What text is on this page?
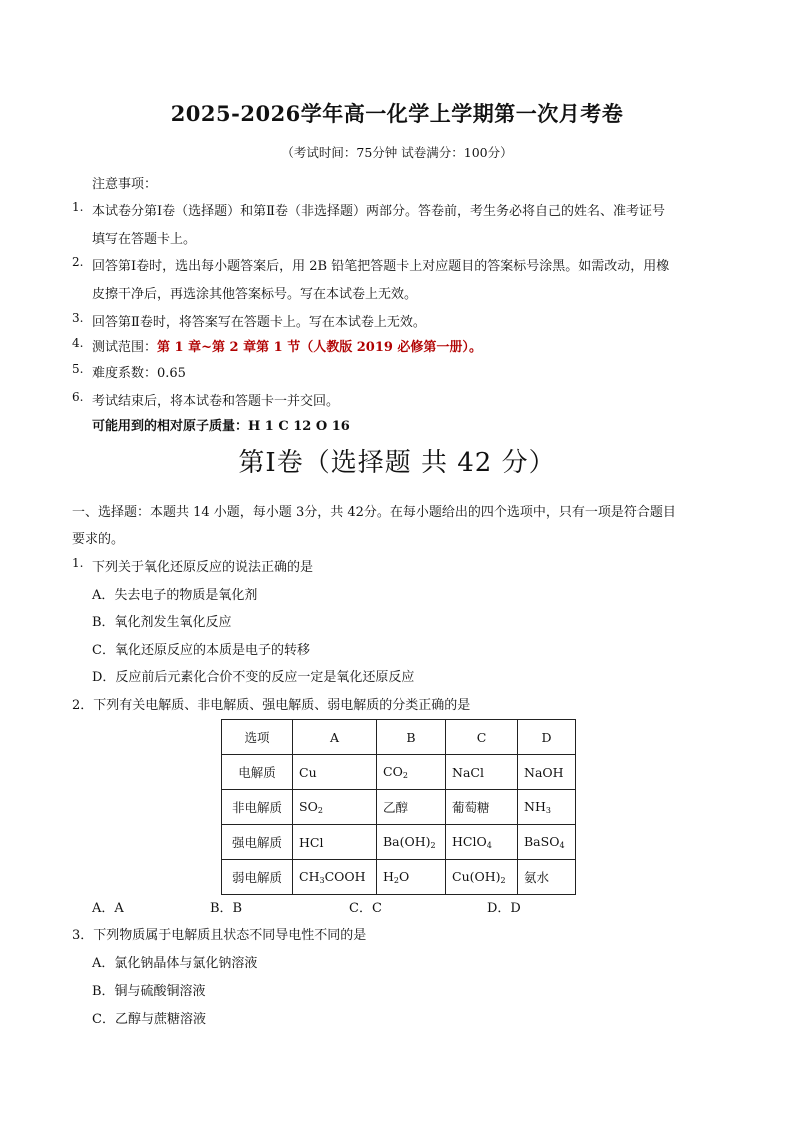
2025-2026学年高一化学上学期第一次月考卷
（考试时间：75分钟 试卷满分：100分）
注意事项：
1. 本试卷分第Ⅰ卷（选择题）和第Ⅱ卷（非选择题）两部分。答卷前，考生务必将自己的姓名、准考证号
填写在答题卡上。
2. 回答第Ⅰ卷时，选出每小题答案后，用 2B 铅笔把答题卡上对应题目的答案标号涂黑。如需改动，用橡
皮擦干净后，再选涂其他答案标号。写在本试卷上无效。
3. 回答第Ⅱ卷时，将答案写在答题卡上。写在本试卷上无效。
4. 测试范围：第 1 章~第 2 章第 1 节（人教版 2019 必修第一册）。
5. 难度系数：0.65
6. 考试结束后，将本试卷和答题卡一并交回。
可能用到的相对原子质量：H 1 C 12 O 16
第Ⅰ卷（选择题 共 42 分）
一、选择题：本题共 14 小题，每小题 3分，共 42分。在每小题给出的四个选项中，只有一项是符合题目
要求的。
1. 下列关于氧化还原反应的说法正确的是
A．失去电子的物质是氧化剂
B．氧化剂发生氧化反应
C．氧化还原反应的本质是电子的转移
D．反应前后元素化合价不变的反应一定是氧化还原反应
2．下列有关电解质、非电解质、强电解质、弱电解质的分类正确的是
选项	A	B	C	D
电解质	Cu	$CO_2$	NaCl	NaOH
非电解质	$SO_2$	乙醇	葡萄糖	$NH_3$
强电解质	HCl	$Ba(OH)_2$	HClO$_4$	BaSO$_4$
弱电解质	$CH_3COOH$	$H_2O$	$Cu(OH)_2$	氨水
A．A	B．B	C．C	D．D
3．下列物质属于电解质且状态不同导电性不同的是
A．氯化钠晶体与氯化钠溶液
B．铜与硫酸铜溶液
C．乙醇与蔗糖溶液
